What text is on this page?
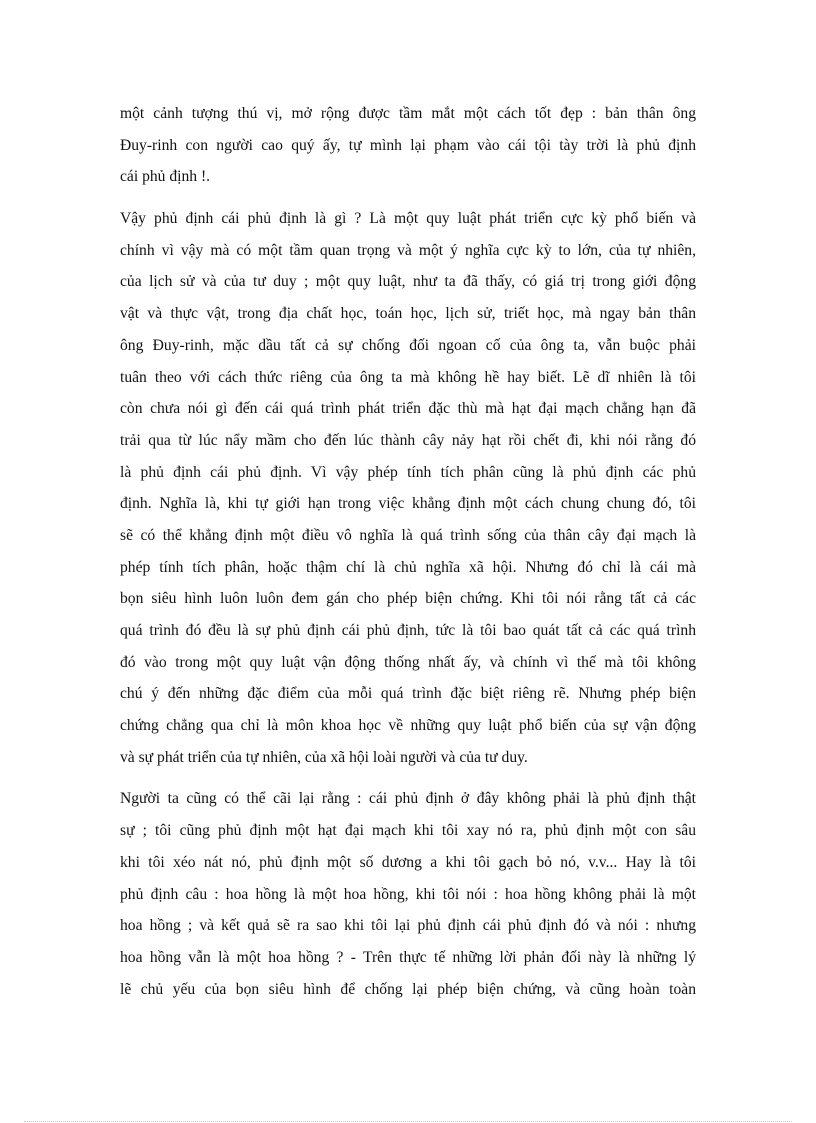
một cảnh tượng thú vị, mở rộng được tầm mắt một cách tốt đẹp : bản thân ông
Đuy-rinh con người cao quý ấy, tự mình lại phạm vào cái tội tày trời là phủ định
cái phủ định !.
Vậy phủ định cái phủ định là gì ? Là một quy luật phát triển cực kỳ phổ biến và
chính vì vậy mà có một tầm quan trọng và một ý nghĩa cực kỳ to lớn, của tự nhiên,
của lịch sử và của tư duy ; một quy luật, như ta đã thấy, có giá trị trong giới động
vật và thực vật, trong địa chất học, toán học, lịch sử, triết học, mà ngay bản thân
ông Đuy-rinh, mặc dầu tất cả sự chống đối ngoan cố của ông ta, vẫn buộc phải
tuân theo với cách thức riêng của ông ta mà không hề hay biết. Lẽ dĩ nhiên là tôi
còn chưa nói gì đến cái quá trình phát triển đặc thù mà hạt đại mạch chẳng hạn đã
trải qua từ lúc nẩy mầm cho đến lúc thành cây nảy hạt rồi chết đi, khi nói rằng đó
là phủ định cái phủ định. Vì vậy phép tính tích phân cũng là phủ định các phủ
định. Nghĩa là, khi tự giới hạn trong việc khẳng định một cách chung chung đó, tôi
sẽ có thể khẳng định một điều vô nghĩa là quá trình sống của thân cây đại mạch là
phép tính tích phân, hoặc thậm chí là chủ nghĩa xã hội. Nhưng đó chỉ là cái mà
bọn siêu hình luôn luôn đem gán cho phép biện chứng. Khi tôi nói rằng tất cả các
quá trình đó đều là sự phủ định cái phủ định, tức là tôi bao quát tất cả các quá trình
đó vào trong một quy luật vận động thống nhất ấy, và chính vì thế mà tôi không
chú ý đến những đặc điểm của mỗi quá trình đặc biệt riêng rẽ. Nhưng phép biện
chứng chẳng qua chỉ là môn khoa học về những quy luật phổ biến của sự vận động
và sự phát triển của tự nhiên, của xã hội loài người và của tư duy.
Người ta cũng có thể cãi lại rằng : cái phủ định ở đây không phải là phủ định thật
sự ; tôi cũng phủ định một hạt đại mạch khi tôi xay nó ra, phủ định một con sâu
khi tôi xéo nát nó, phủ định một số dương a khi tôi gạch bỏ nó, v.v... Hay là tôi
phủ định câu : hoa hồng là một hoa hồng, khi tôi nói : hoa hồng không phải là một
hoa hồng ; và kết quả sẽ ra sao khi tôi lại phủ định cái phủ định đó và nói : nhưng
hoa hồng vẫn là một hoa hồng ? - Trên thực tế những lời phản đối này là những lý
lẽ chủ yếu của bọn siêu hình để chống lại phép biện chứng, và cũng hoàn toàn
